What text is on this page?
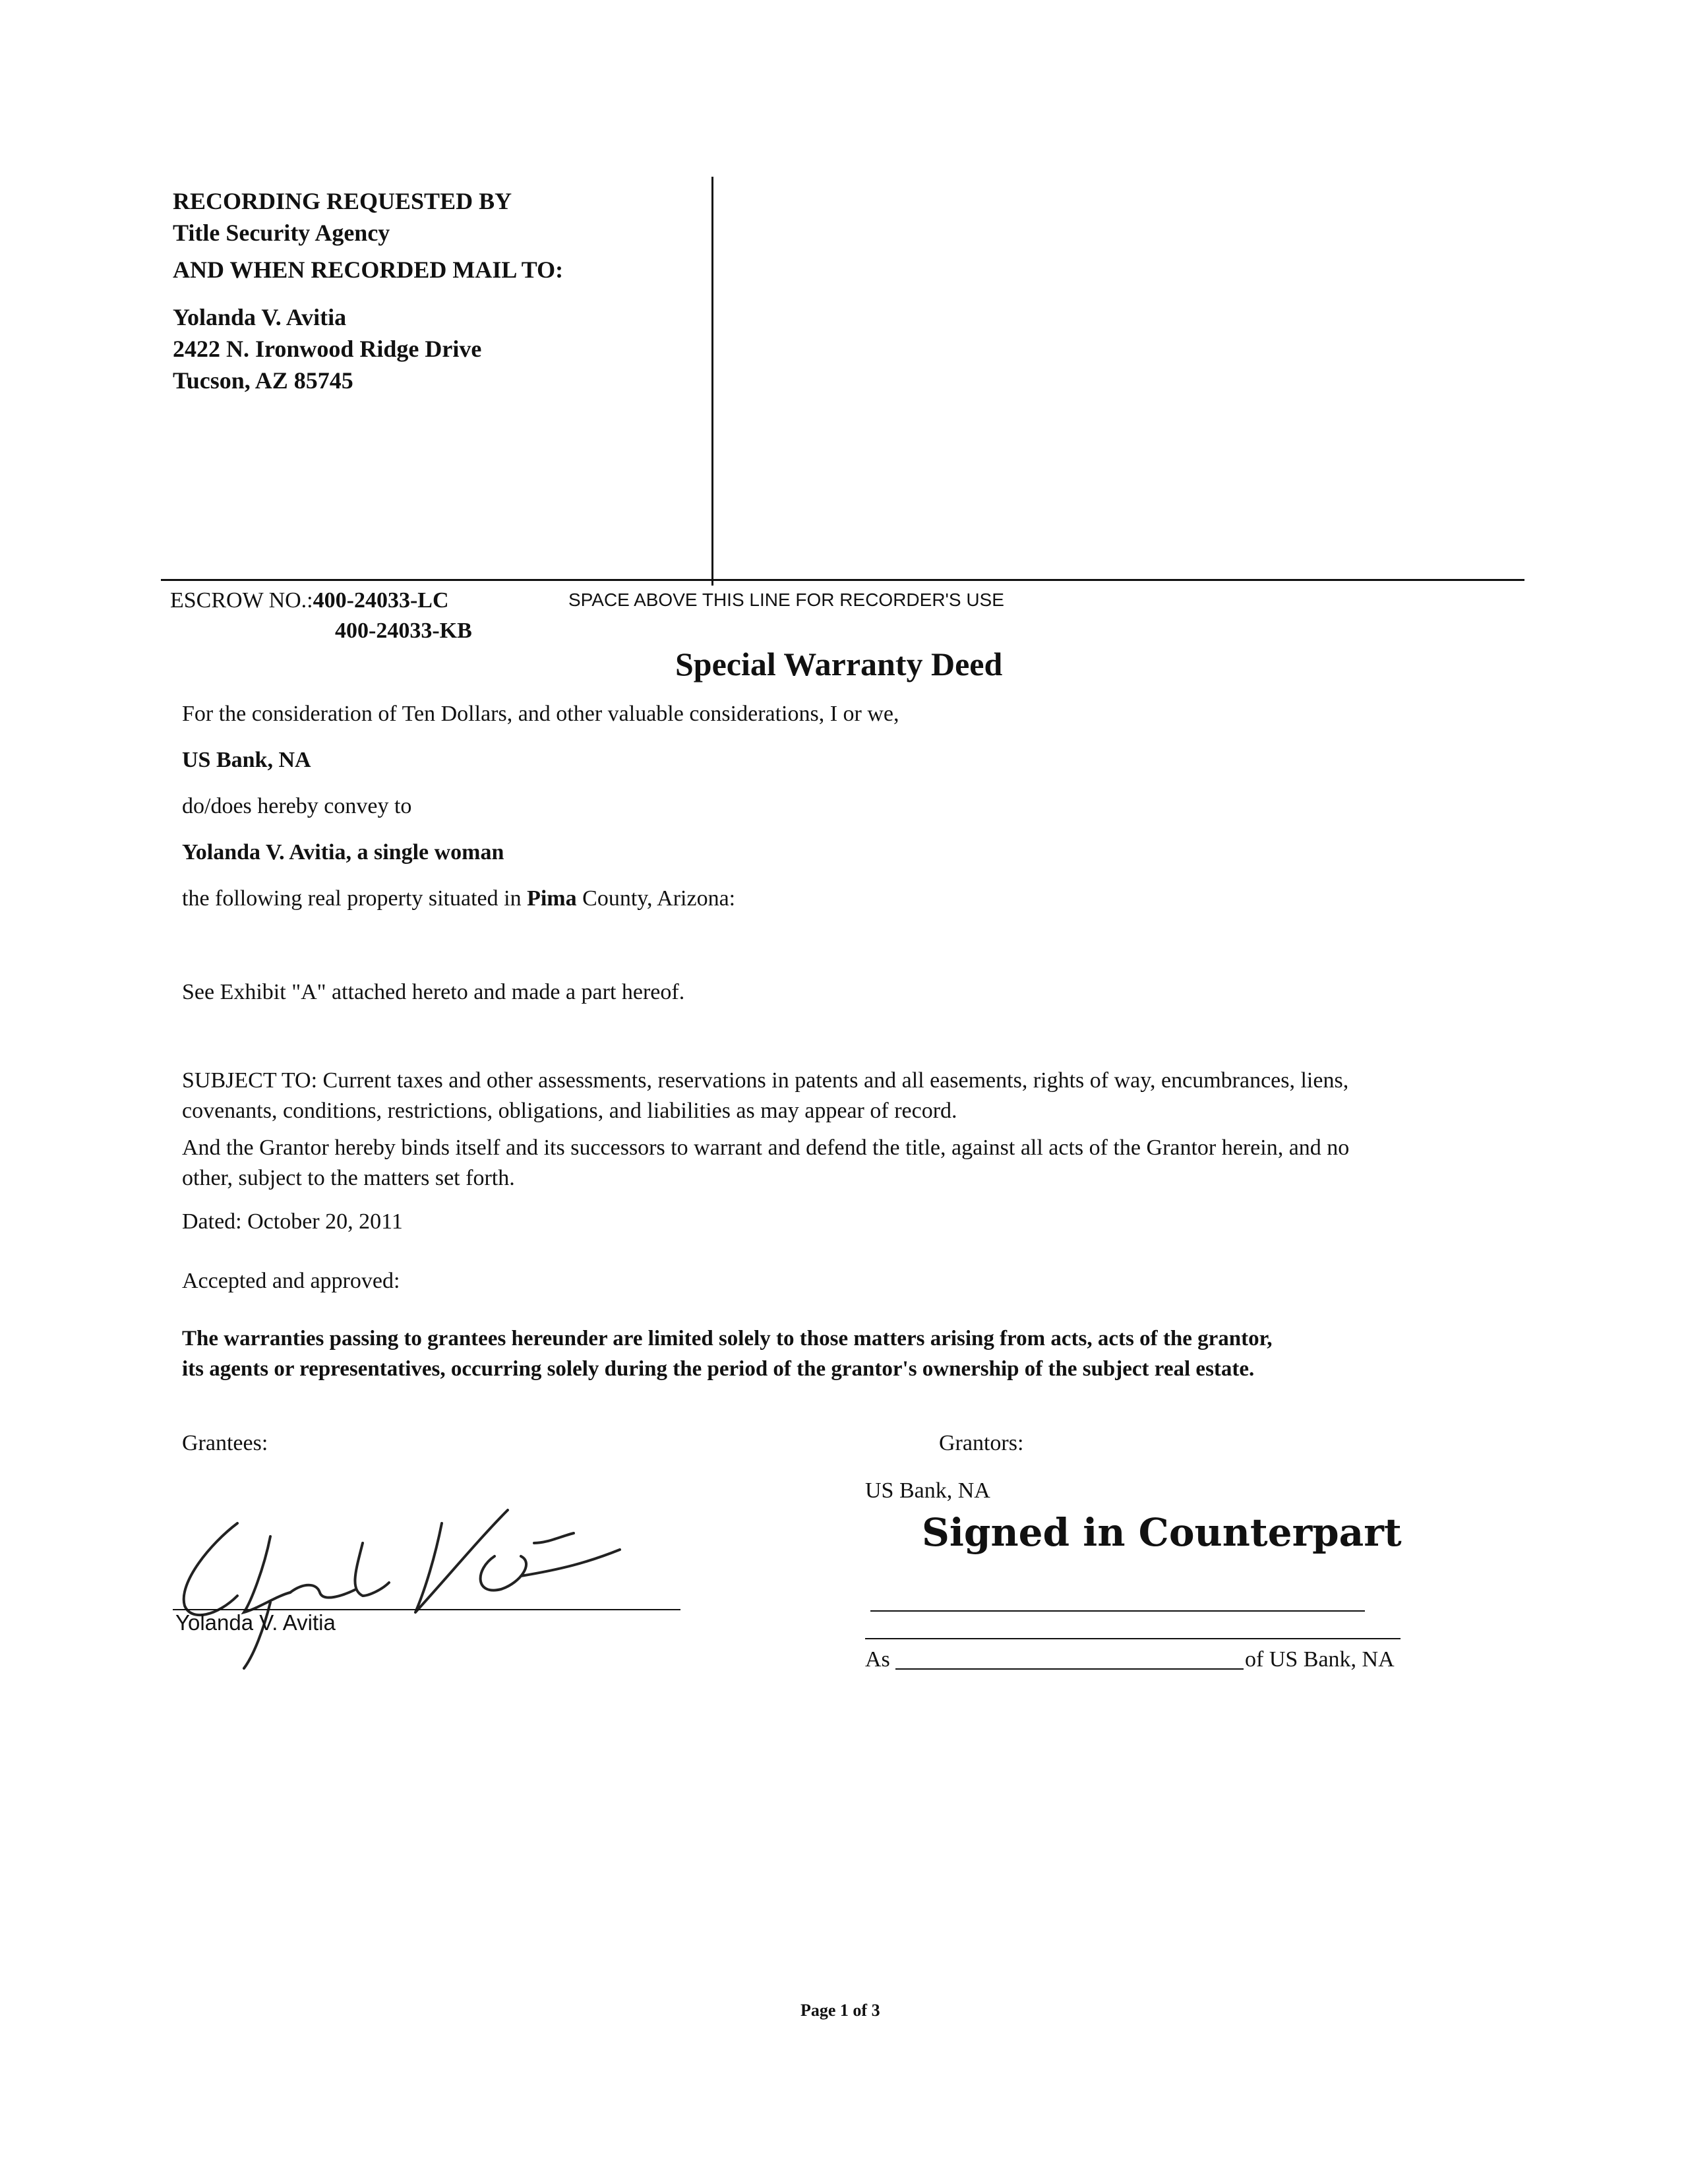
RECORDING REQUESTED BY
Title Security Agency
AND WHEN RECORDED MAIL TO:
Yolanda V. Avitia
2422 N. Ironwood Ridge Drive
Tucson, AZ 85745
ESCROW NO.:400-24033-LC
400-24033-KB
SPACE ABOVE THIS LINE FOR RECORDER'S USE
Special Warranty Deed
For the consideration of Ten Dollars, and other valuable considerations, I or we,
US Bank, NA
do/does hereby convey to
Yolanda V. Avitia, a single woman
the following real property situated in Pima County, Arizona:
See Exhibit "A" attached hereto and made a part hereof.
SUBJECT TO: Current taxes and other assessments, reservations in patents and all easements, rights of way, encumbrances, liens,
covenants, conditions, restrictions, obligations, and liabilities as may appear of record.
And the Grantor hereby binds itself and its successors to warrant and defend the title, against all acts of the Grantor herein, and no
other, subject to the matters set forth.
Dated: October 20, 2011
Accepted and approved:
The warranties passing to grantees hereunder are limited solely to those matters arising from acts, acts of the grantor,
its agents or representatives, occurring solely during the period of the grantor's ownership of the subject real estate.
Grantees:
Yolanda V. Avitia
Grantors:
US Bank, NA
Signed in Counterpart
As	of US Bank, NA
Page 1 of 3
